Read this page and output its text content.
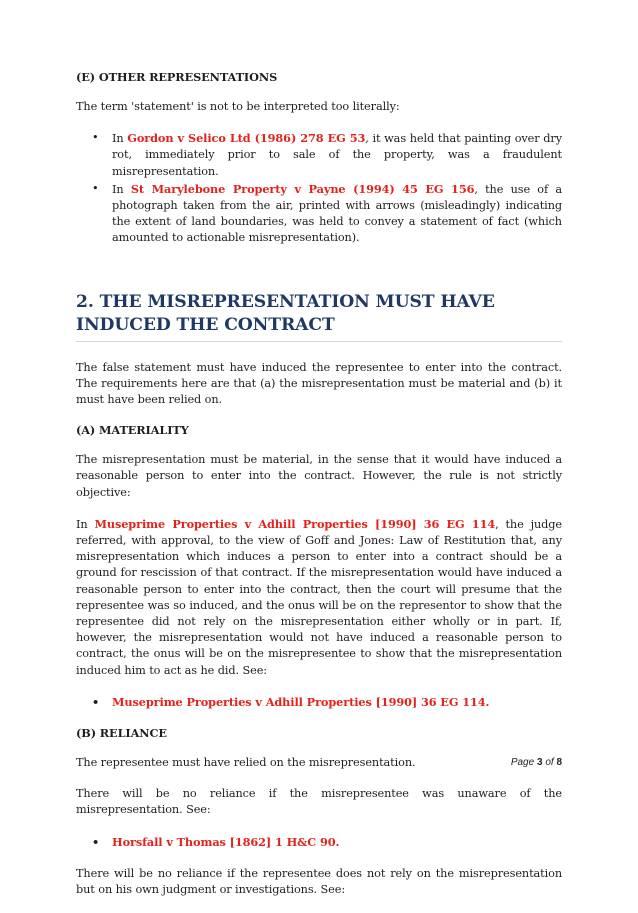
(E) OTHER REPRESENTATIONS

The term 'statement' is not to be interpreted too literally:

• In Gordon v Selico Ltd (1986) 278 EG 53, it was held that painting over dry rot, immediately prior to sale of the property, was a fraudulent misrepresentation.
• In St Marylebone Property v Payne (1994) 45 EG 156, the use of a photograph taken from the air, printed with arrows (misleadingly) indicating the extent of land boundaries, was held to convey a statement of fact (which amounted to actionable misrepresentation).
2. THE MISREPRESENTATION MUST HAVE INDUCED THE CONTRACT

The false statement must have induced the representee to enter into the contract. The requirements here are that (a) the misrepresentation must be material and (b) it must have been relied on.

(A) MATERIALITY

The misrepresentation must be material, in the sense that it would have induced a reasonable person to enter into the contract. However, the rule is not strictly objective:

In Museprime Properties v Adhill Properties [1990] 36 EG 114, the judge referred, with approval, to the view of Goff and Jones: Law of Restitution that, any misrepresentation which induces a person to enter into a contract should be a ground for rescission of that contract. If the misrepresentation would have induced a reasonable person to enter into the contract, then the court will presume that the representee was so induced, and the onus will be on the representor to show that the representee did not rely on the misrepresentation either wholly or in part. If, however, the misrepresentation would not have induced a reasonable person to contract, the onus will be on the misrepresentee to show that the misrepresentation induced him to act as he did. See:

• Museprime Properties v Adhill Properties [1990] 36 EG 114.
(B) RELIANCE

The representee must have relied on the misrepresentation.

There will be no reliance if the misrepresentee was unaware of the misrepresentation. See:

• Horsfall v Thomas [1862] 1 H&C 90.

There will be no reliance if the representee does not rely on the misrepresentation but on his own judgment or investigations. See:

Page 3 of 8
